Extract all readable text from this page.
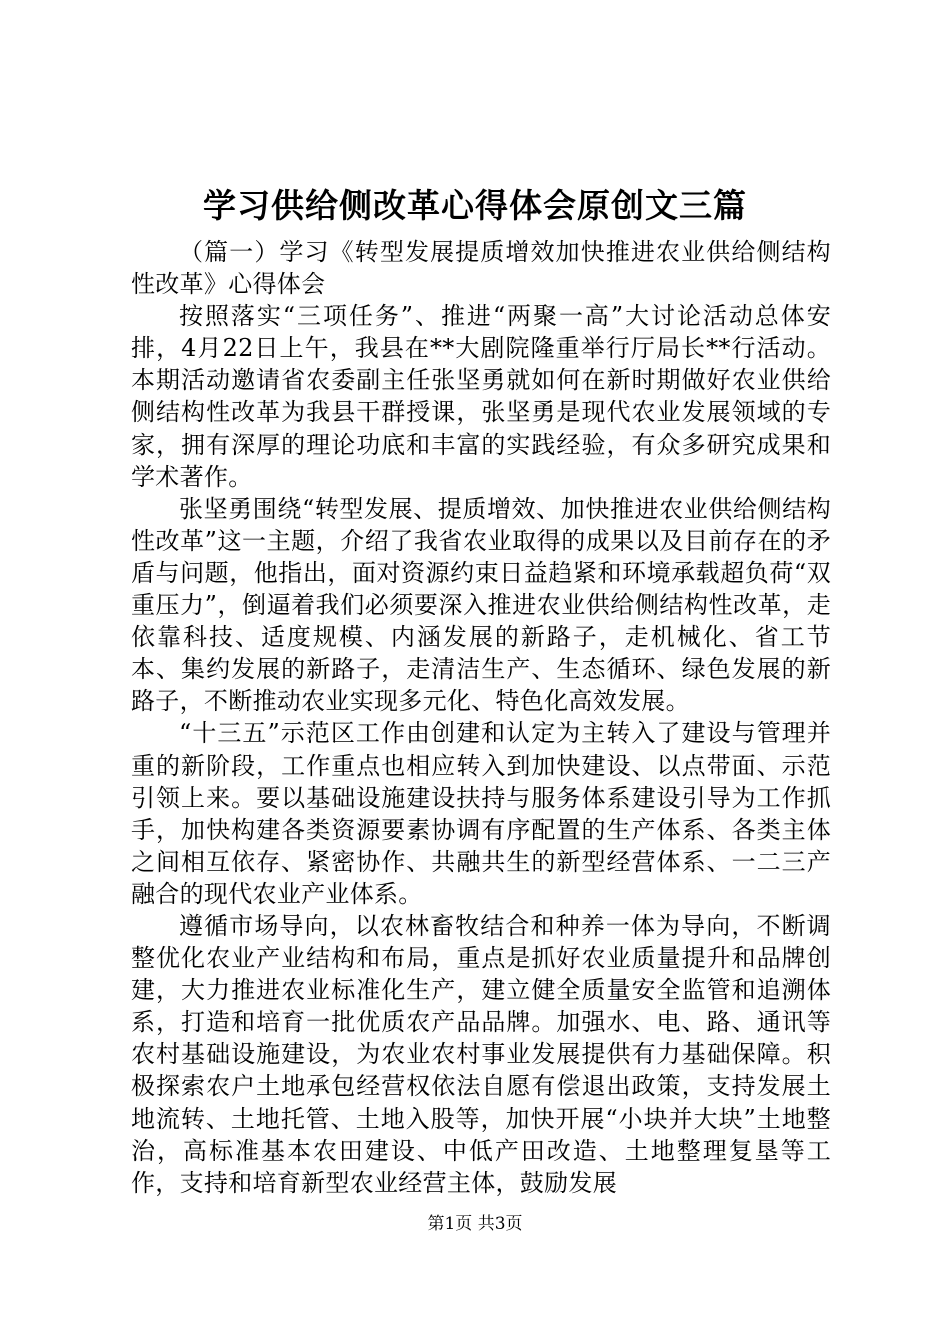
学习供给侧改革心得体会原创文三篇

（篇一）学习《转型发展提质增效加快推进农业供给侧结构性改革》心得体会

按照落实“三项任务”、推进“两聚一高”大讨论活动总体安排，4月22日上午，我县在**大剧院隆重举行厅局长**行活动。本期活动邀请省农委副主任张坚勇就如何在新时期做好农业供给侧结构性改革为我县干群授课，张坚勇是现代农业发展领域的专家，拥有深厚的理论功底和丰富的实践经验，有众多研究成果和学术著作。

张坚勇围绕“转型发展、提质增效、加快推进农业供给侧结构性改革”这一主题，介绍了我省农业取得的成果以及目前存在的矛盾与问题，他指出，面对资源约束日益趋紧和环境承载超负荷“双重压力”，倒逼着我们必须要深入推进农业供给侧结构性改革，走依靠科技、适度规模、内涵发展的新路子，走机械化、省工节本、集约发展的新路子，走清洁生产、生态循环、绿色发展的新路子，不断推动农业实现多元化、特色化高效发展。

“十三五”示范区工作由创建和认定为主转入了建设与管理并重的新阶段，工作重点也相应转入到加快建设、以点带面、示范引领上来。要以基础设施建设扶持与服务体系建设引导为工作抓手，加快构建各类资源要素协调有序配置的生产体系、各类主体之间相互依存、紧密协作、共融共生的新型经营体系、一二三产融合的现代农业产业体系。

遵循市场导向，以农林畜牧结合和种养一体为导向，不断调整优化农业产业结构和布局，重点是抓好农业质量提升和品牌创建，大力推进农业标准化生产，建立健全质量安全监管和追溯体系，打造和培育一批优质农产品品牌。加强水、电、路、通讯等农村基础设施建设，为农业农村事业发展提供有力基础保障。积极探索农户土地承包经营权依法自愿有偿退出政策，支持发展土地流转、土地托管、土地入股等，加快开展“小块并大块”土地整治，高标准基本农田建设、中低产田改造、土地整理复垦等工作，支持和培育新型农业经营主体，鼓励发展

第1页 共3页
